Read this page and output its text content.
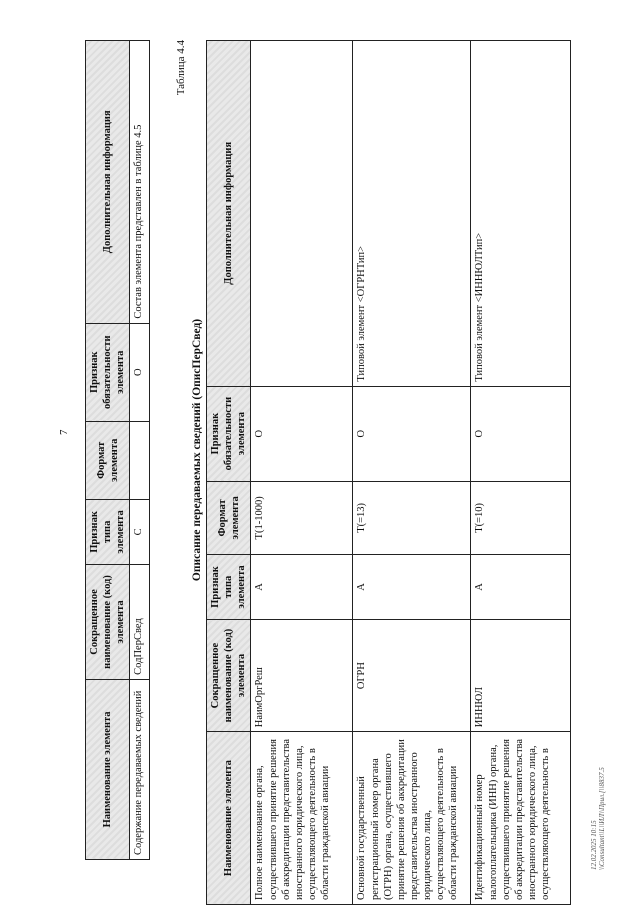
7
Наименование элемента	Сокращенное наименование (код) элемента	Признак типа элемента	Формат элемента	Признак обязательности элемента	Дополнительная информация
Содержание передаваемых сведений	СодПерСвед	С		О	Состав элемента представлен в таблице 4.5
Таблица 4.4
Описание передаваемых сведений (ОписПерСвед)
Наименование элемента	Сокращенное наименование (код) элемента	Признак типа элемента	Формат элемента	Признак обязательности элемента	Дополнительная информация
Полное наименование органа, осуществившего принятие решения об аккредитации представительства иностранного юридического лица, осуществляющего деятельность в области гражданской авиации	НаимОргРеш	А	T(1-1000)	О	
Основной государственный регистрационный номер органа (ОГРН) органа, осуществившего принятие решения об аккредитации представительства иностранного юридического лица, осуществляющего деятельность в области гражданской авиации	ОГРН	А	T(=13)	О	Типовой элемент <ОГРНТип>
Идентификационный номер налогоплательщика (ИНН) органа, осуществившего принятие решения об аккредитации представительства иностранного юридического лица, осуществляющего деятельность в	ИННЮЛ	А	T(=10)	О	Типовой элемент <ИННЮЛТип>
12.02.2025 10:15 \\Consultant\\L\\ИЛ\\Прил.[\\8837.5
